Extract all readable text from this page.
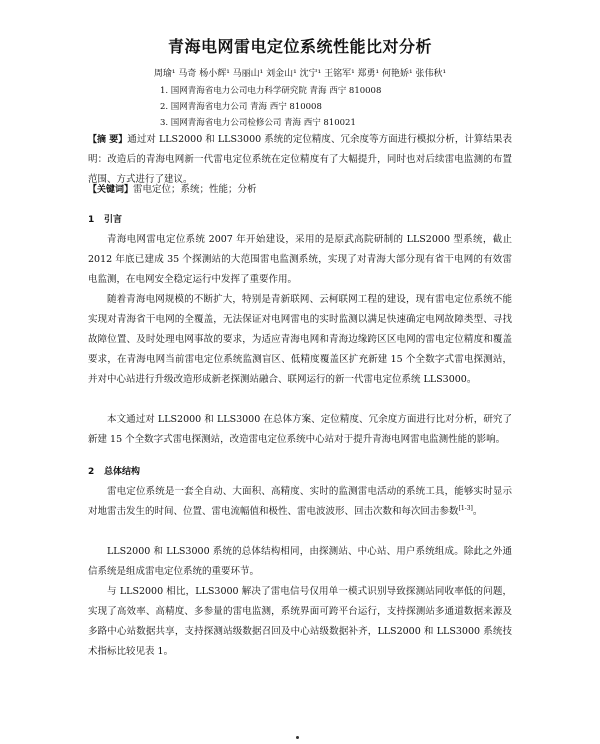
青海电网雷电定位系统性能比对分析
周瑜¹ 马奇 杨小辉¹ 马丽山¹ 刘金山¹ 沈宁¹ 王铭军¹ 郑勇¹ 何艳娇¹ 张伟秋¹
1. 国网青海省电力公司电力科学研究院 青海 西宁 810008
2. 国网青海省电力公司 青海 西宁 810008
3. 国网青海省电力公司检修公司 青海 西宁 810021
【摘 要】通过对 LLS2000 和 LLS3000 系统的定位精度、冗余度等方面进行模拟分析，计算结果表明：改造后的青海电网新一代雷电定位系统在定位精度有了大幅提升，同时也对后续雷电监测的布置范围、方式进行了建议。
【关键词】雷电定位；系统；性能；分析
1 引言
青海电网雷电定位系统 2007 年开始建设，采用的是原武高院研制的 LLS2000 型系统，截止 2012 年底已建成 35 个探测站的大范围雷电监测系统，实现了对青海大部分现有省干电网的有效雷电监测，在电网安全稳定运行中发挥了重要作用。
随着青海电网规模的不断扩大，特别是青新联网、云柯联网工程的建设，现有雷电定位系统不能实现对青海省干电网的全覆盖，无法保证对电网雷电的实时监测以满足快速确定电网故障类型、寻找故障位置、及时处理电网事故的要求，为适应青海电网和青海边缘跨区区电网的雷电定位精度和覆盖要求，在青海电网当前雷电定位系统监测盲区、低精度覆盖区扩充新建 15 个全数字式雷电探测站，并对中心站进行升级改造形成新老探测站融合、联网运行的新一代雷电定位系统 LLS3000。
本文通过对 LLS2000 和 LLS3000 在总体方案、定位精度、冗余度方面进行比对分析，研究了新建 15 个全数字式雷电探测站，改造雷电定位系统中心站对于提升青海电网雷电监测性能的影响。
2 总体结构
雷电定位系统是一套全自动、大面积、高精度、实时的监测雷电活动的系统工具，能够实时显示对地雷击发生的时间、位置、雷电流幅值和极性、雷电波波形、回击次数和每次回击参数[1-3]。
LLS2000 和 LLS3000 系统的总体结构相同，由探测站、中心站、用户系统组成。除此之外通信系统是组成雷电定位系统的重要环节。
与 LLS2000 相比，LLS3000 解决了雷电信号仅用单一模式识别导致探测站同收率低的问题，实现了高效率、高精度、多参量的雷电监测，系统界面可跨平台运行，支持探测站多通道数据来源及多路中心站数据共享，支持探测站级数据召回及中心站级数据补齐，LLS2000 和 LLS3000 系统技术指标比较见表 1。
